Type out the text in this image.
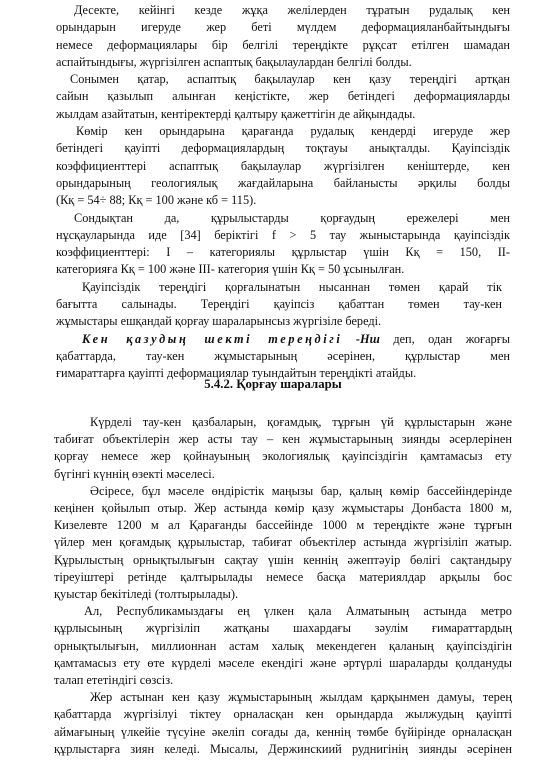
Десекте, кейінгі кезде жұқа желілерден тұратын рудалық кен
орындарын игеруде жер беті мүлдем деформацияланбайтындығы
немесе деформациялары бір белгілі тереңдікте рұқсат етілген шамадан
аспайтындығы, жүргізілген аспаптық бақылаулардан белгілі болды.
Сонымен қатар, аспаптық бақылаулар кен қазу тереңдігі артқан
сайын қазылып алынған кеңістікте, жер бетіндегі деформацияларды
жылдам азайтатын, кентіректерді қалтыру қажеттігін де айқындады.
Көмір кен орындарына қарағанда рудалық кендерді игеруде жер
бетіндегі қауіпті деформациялардың тоқтауы анықталды. Қауіпсіздік
коэффициенттері аспаптық бақылаулар жүргізілген кеніштерде, кен
орындарының геологиялық жағдайларына байланысты әрқилы болды
(Кқ = 54÷ 88; Кқ = 100 және кб = 115).
Сондықтан да, құрылыстарды қорғаудың ережелері мен
нұсқауларында иде [34] беріктігі f > 5 тау жыныстарында қауіпсіздік
коэффициенттері: І – категориялы құрлыстар үшін Кқ = 150, ІІ-
категорияға Кқ = 100 және ІІІ- категория үшін Кқ = 50 ұсынылған.
Қауіпсіздік тереңдігі қорғалынатын нысаннан төмен қарай тік
бағытта салынады. Тереңдігі қауіпсіз қабаттан төмен тау-кен
жұмыстары ешқандай қорғау шараларынсыз жүргізіле береді.
Кен қазудың шекті тереңдігі -Нш деп, одан жоғарғы
қабаттарда, тау-кен жұмыстарының әсерінен, құрлыстар мен
ғимараттарға қауіпті деформациялар туындайтын тереңдікті атайды.
5.4.2. Қорғау шаралары
Күрделі тау-кен қазбаларын, қоғамдық, тұрғын үй құрлыстарын және
табиғат объектілерін жер асты тау – кен жұмыстарының зиянды әсерлерінен
қорғау немесе жер қойнауының экологиялық қауіпсіздігін қамтамасыз ету
бүгінгі күннің өзекті мәселесі.
Әсіресе, бұл мәселе өндірістік маңызы бар, қалың көмір бассейіндерінде
кеңінен қойылып отыр. Жер астында көмір қазу жұмыстары Донбаста 1800 м,
Кизелевте 1200 м ал Қарағанды бассейінде 1000 м тереңдікте және тұрғын
үйлер мен қоғамдық құрылыстар, табиғат объектілер астында жүргізіліп жатыр.
Құрылыстың орнықтылығын сақтау үшін кеннің әжептәуір бөлігі сақтандыру
тіреуіштері ретінде қалтырылады немесе басқа материялдар арқылы бос
қуыстар бекітіледі (толтырылады).
Ал, Республикамыздағы ең үлкен қала Алматының астында метро
құрлысының жүргізіліп жатқаны шахардағы зәулім ғимараттардың
орнықтылығын, миллионнан астам халық мекендеген қаланың қауіпсіздігін
қамтамасыз ету өте күрделі мәселе екендігі және әртүрлі шараларды қолдануды
талап ететіндігі сөзсіз.
Жер астынан кен қазу жұмыстарының жылдам қарқынмен дамуы, терең
қабаттарда жүргізілуі тіктеу орналасқан кен орындарда жылжудың қауіпті
аймағының үлкейіе түсуіне әкеліп соғады да, кеннің төмбе бүйірінде орналасқан
құрлыстарға зиян келеді. Мысалы, Держинскиий руднигінің зиянды әсерінен
